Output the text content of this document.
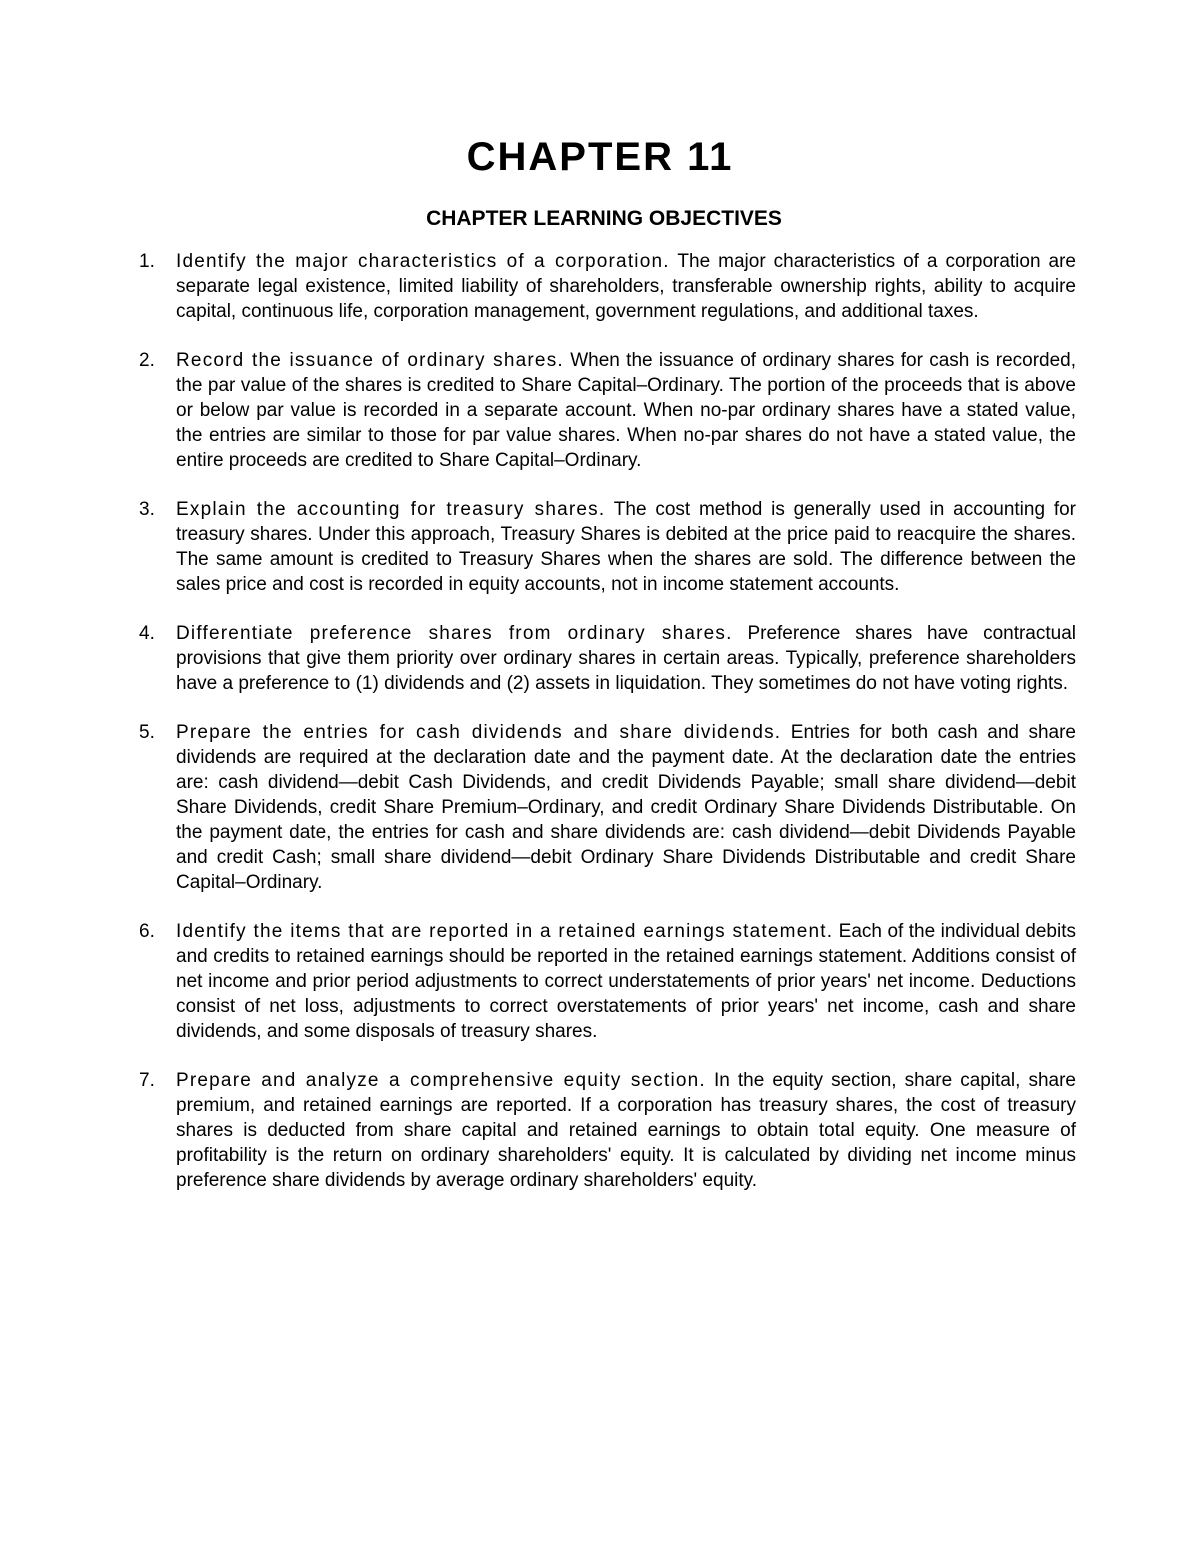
CHAPTER 11
CHAPTER LEARNING OBJECTIVES
1.	Identify the major characteristics of a corporation. The major characteristics of a corporation are separate legal existence, limited liability of shareholders, transferable ownership rights, ability to acquire capital, continuous life, corporation management, government regulations, and additional taxes.
2.	Record the issuance of ordinary shares. When the issuance of ordinary shares for cash is recorded, the par value of the shares is credited to Share Capital–Ordinary. The portion of the proceeds that is above or below par value is recorded in a separate account. When no-par ordinary shares have a stated value, the entries are similar to those for par value shares. When no-par shares do not have a stated value, the entire proceeds are credited to Share Capital–Ordinary.
3.	Explain the accounting for treasury shares. The cost method is generally used in accounting for treasury shares. Under this approach, Treasury Shares is debited at the price paid to reacquire the shares. The same amount is credited to Treasury Shares when the shares are sold. The difference between the sales price and cost is recorded in equity accounts, not in income statement accounts.
4.	Differentiate preference shares from ordinary shares. Preference shares have contractual provisions that give them priority over ordinary shares in certain areas. Typically, preference shareholders have a preference to (1) dividends and (2) assets in liquidation. They sometimes do not have voting rights.
5.	Prepare the entries for cash dividends and share dividends. Entries for both cash and share dividends are required at the declaration date and the payment date. At the declaration date the entries are: cash dividend—debit Cash Dividends, and credit Dividends Payable; small share dividend—debit Share Dividends, credit Share Premium–Ordinary, and credit Ordinary Share Dividends Distributable. On the payment date, the entries for cash and share dividends are: cash dividend—debit Dividends Payable and credit Cash; small share dividend—debit Ordinary Share Dividends Distributable and credit Share Capital–Ordinary.
6.	Identify the items that are reported in a retained earnings statement. Each of the individual debits and credits to retained earnings should be reported in the retained earnings statement. Additions consist of net income and prior period adjustments to correct understatements of prior years' net income. Deductions consist of net loss, adjustments to correct overstatements of prior years' net income, cash and share dividends, and some disposals of treasury shares.
7.	Prepare and analyze a comprehensive equity section. In the equity section, share capital, share premium, and retained earnings are reported. If a corporation has treasury shares, the cost of treasury shares is deducted from share capital and retained earnings to obtain total equity. One measure of profitability is the return on ordinary shareholders' equity. It is calculated by dividing net income minus preference share dividends by average ordinary shareholders' equity.
